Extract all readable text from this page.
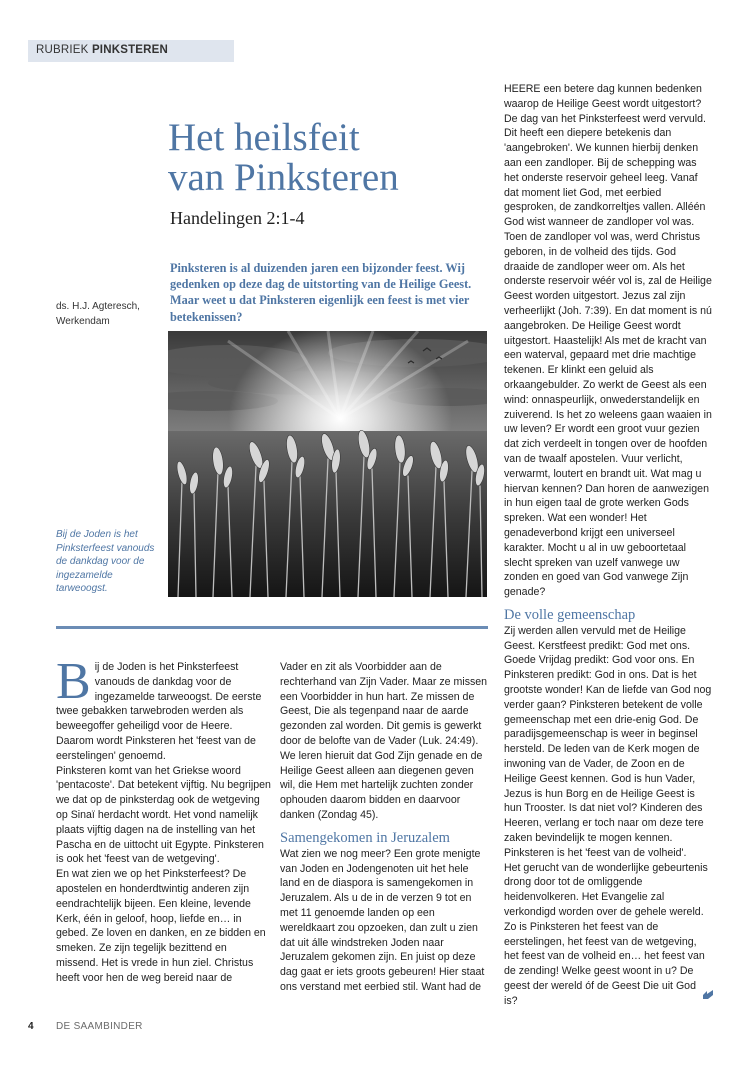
RUBRIEK PINKSTEREN
Het heilsfeit
van Pinksteren
Handelingen 2:1-4
Pinksteren is al duizenden jaren een bijzonder feest. Wij gedenken op deze dag de uitstorting van de Heilige Geest. Maar weet u dat Pinksteren eigenlijk een feest is met vier betekenissen?
ds. H.J. Agteresch,
Werkendam
Bij de Joden is het Pinksterfeest vanouds de dankdag voor de ingezamelde tarweoogst.
B ij de Joden is het Pinksterfeest vanouds de dankdag voor de ingezamelde tarweoogst. De eerste twee gebakken tarwebroden werden als beweegoffer geheiligd voor de Heere. Daarom wordt Pinksteren het 'feest van de eerstelingen' genoemd.

Pinksteren komt van het Griekse woord 'pentacoste'. Dat betekent vijftig. Nu begrijpen we dat op de pinksterdag ook de wetgeving op Sinaï herdacht wordt. Het vond namelijk plaats vijftig dagen na de instelling van het Pascha en de uittocht uit Egypte. Pinksteren is ook het 'feest van de wetgeving'.

En wat zien we op het Pinksterfeest? De apostelen en honderdtwintig anderen zijn eendrachtelijk bijeen. Een kleine, levende Kerk, één in geloof, hoop, liefde en… in gebed. Ze loven en danken, en ze bidden en smeken. Ze zijn tegelijk bezittend en missend. Het is vrede in hun ziel. Christus heeft voor hen de weg bereid naar de

Vader en zit als Voorbidder aan de rechterhand van Zijn Vader. Maar ze missen een Voorbidder in hun hart. Ze missen de Geest, Die als tegenpand naar de aarde gezonden zal worden. Dit gemis is gewerkt door de belofte van de Vader (Luk. 24:49). We leren hieruit dat God Zijn genade en de Heilige Geest alleen aan diegenen geven wil, die Hem met hartelijk zuchten zonder ophouden daarom bidden en daarvoor danken (Zondag 45).

Samengekomen in Jeruzalem

Wat zien we nog meer? Een grote menigte van Joden en Jodengenoten uit het hele land en de diaspora is samengekomen in Jeruzalem. Als u de in de verzen 9 tot en met 11 genoemde landen op een wereldkaart zou opzoeken, dan zult u zien dat uit álle windstreken Joden naar Jeruzalem gekomen zijn. En juist op deze dag gaat er iets groots gebeuren! Hier staat ons verstand met eerbied stil. Want had de

HEERE een betere dag kunnen bedenken waarop de Heilige Geest wordt uitgestort?

De dag van het Pinksterfeest werd vervuld. Dit heeft een diepere betekenis dan 'aangebroken'. We kunnen hierbij denken aan een zandloper. Bij de schepping was het onderste reservoir geheel leeg. Vanaf dat moment liet God, met eerbied gesproken, de zandkorreltjes vallen. Alléén God wist wanneer de zandloper vol was. Toen de zandloper vol was, werd Christus geboren, in de volheid des tijds. God draaide de zandloper weer om. Als het onderste reservoir wéér vol is, zal de Heilige Geest worden uitgestort. Jezus zal zijn verheerlijkt (Joh. 7:39). En dat moment is nú aangebroken. De Heilige Geest wordt uitgestort. Haastelijk! Als met de kracht van een waterval, gepaard met drie machtige tekenen. Er klinkt een geluid als orkaangebulder. Zo werkt de Geest als een wind: onnaspeurlijk, onwederstandelijk en zuiverend. Is het zo weleens gaan waaien in uw leven? Er wordt een groot vuur gezien dat zich verdeelt in tongen over de hoofden van de twaalf apostelen. Vuur verlicht, verwarmt, loutert en brandt uit. Wat mag u hiervan kennen? Dan horen de aanwezigen in hun eigen taal de grote werken Gods spreken. Wat een wonder! Het genadeverbond krijgt een universeel karakter. Mocht u al in uw geboortetaal slecht spreken van uzelf vanwege uw zonden en goed van God vanwege Zijn genade?

De volle gemeenschap

Zij werden allen vervuld met de Heilige Geest. Kerstfeest predikt: God met ons. Goede Vrijdag predikt: God voor ons. En Pinksteren predikt: God in ons. Dat is het grootste wonder! Kan de liefde van God nog verder gaan? Pinksteren betekent de volle gemeenschap met een drie-enig God. De paradijsgemeenschap is weer in beginsel hersteld. De leden van de Kerk mogen de inwoning van de Vader, de Zoon en de Heilige Geest kennen. God is hun Vader, Jezus is hun Borg en de Heilige Geest is hun Trooster. Is dat niet vol? Kinderen des Heeren, verlang er toch naar om deze tere zaken bevindelijk te mogen kennen. Pinksteren is het 'feest van de volheid'.

Het gerucht van de wonderlijke gebeurtenis drong door tot de omliggende heidenvolkeren. Het Evangelie zal verkondigd worden over de gehele wereld. Zo is Pinksteren het feest van de eerstelingen, het feest van de wetgeving, het feest van de volheid en… het feest van de zending! Welke geest woont in u? De geest der wereld óf de Geest Die uit God is?

4 DE SAAMBINDER
